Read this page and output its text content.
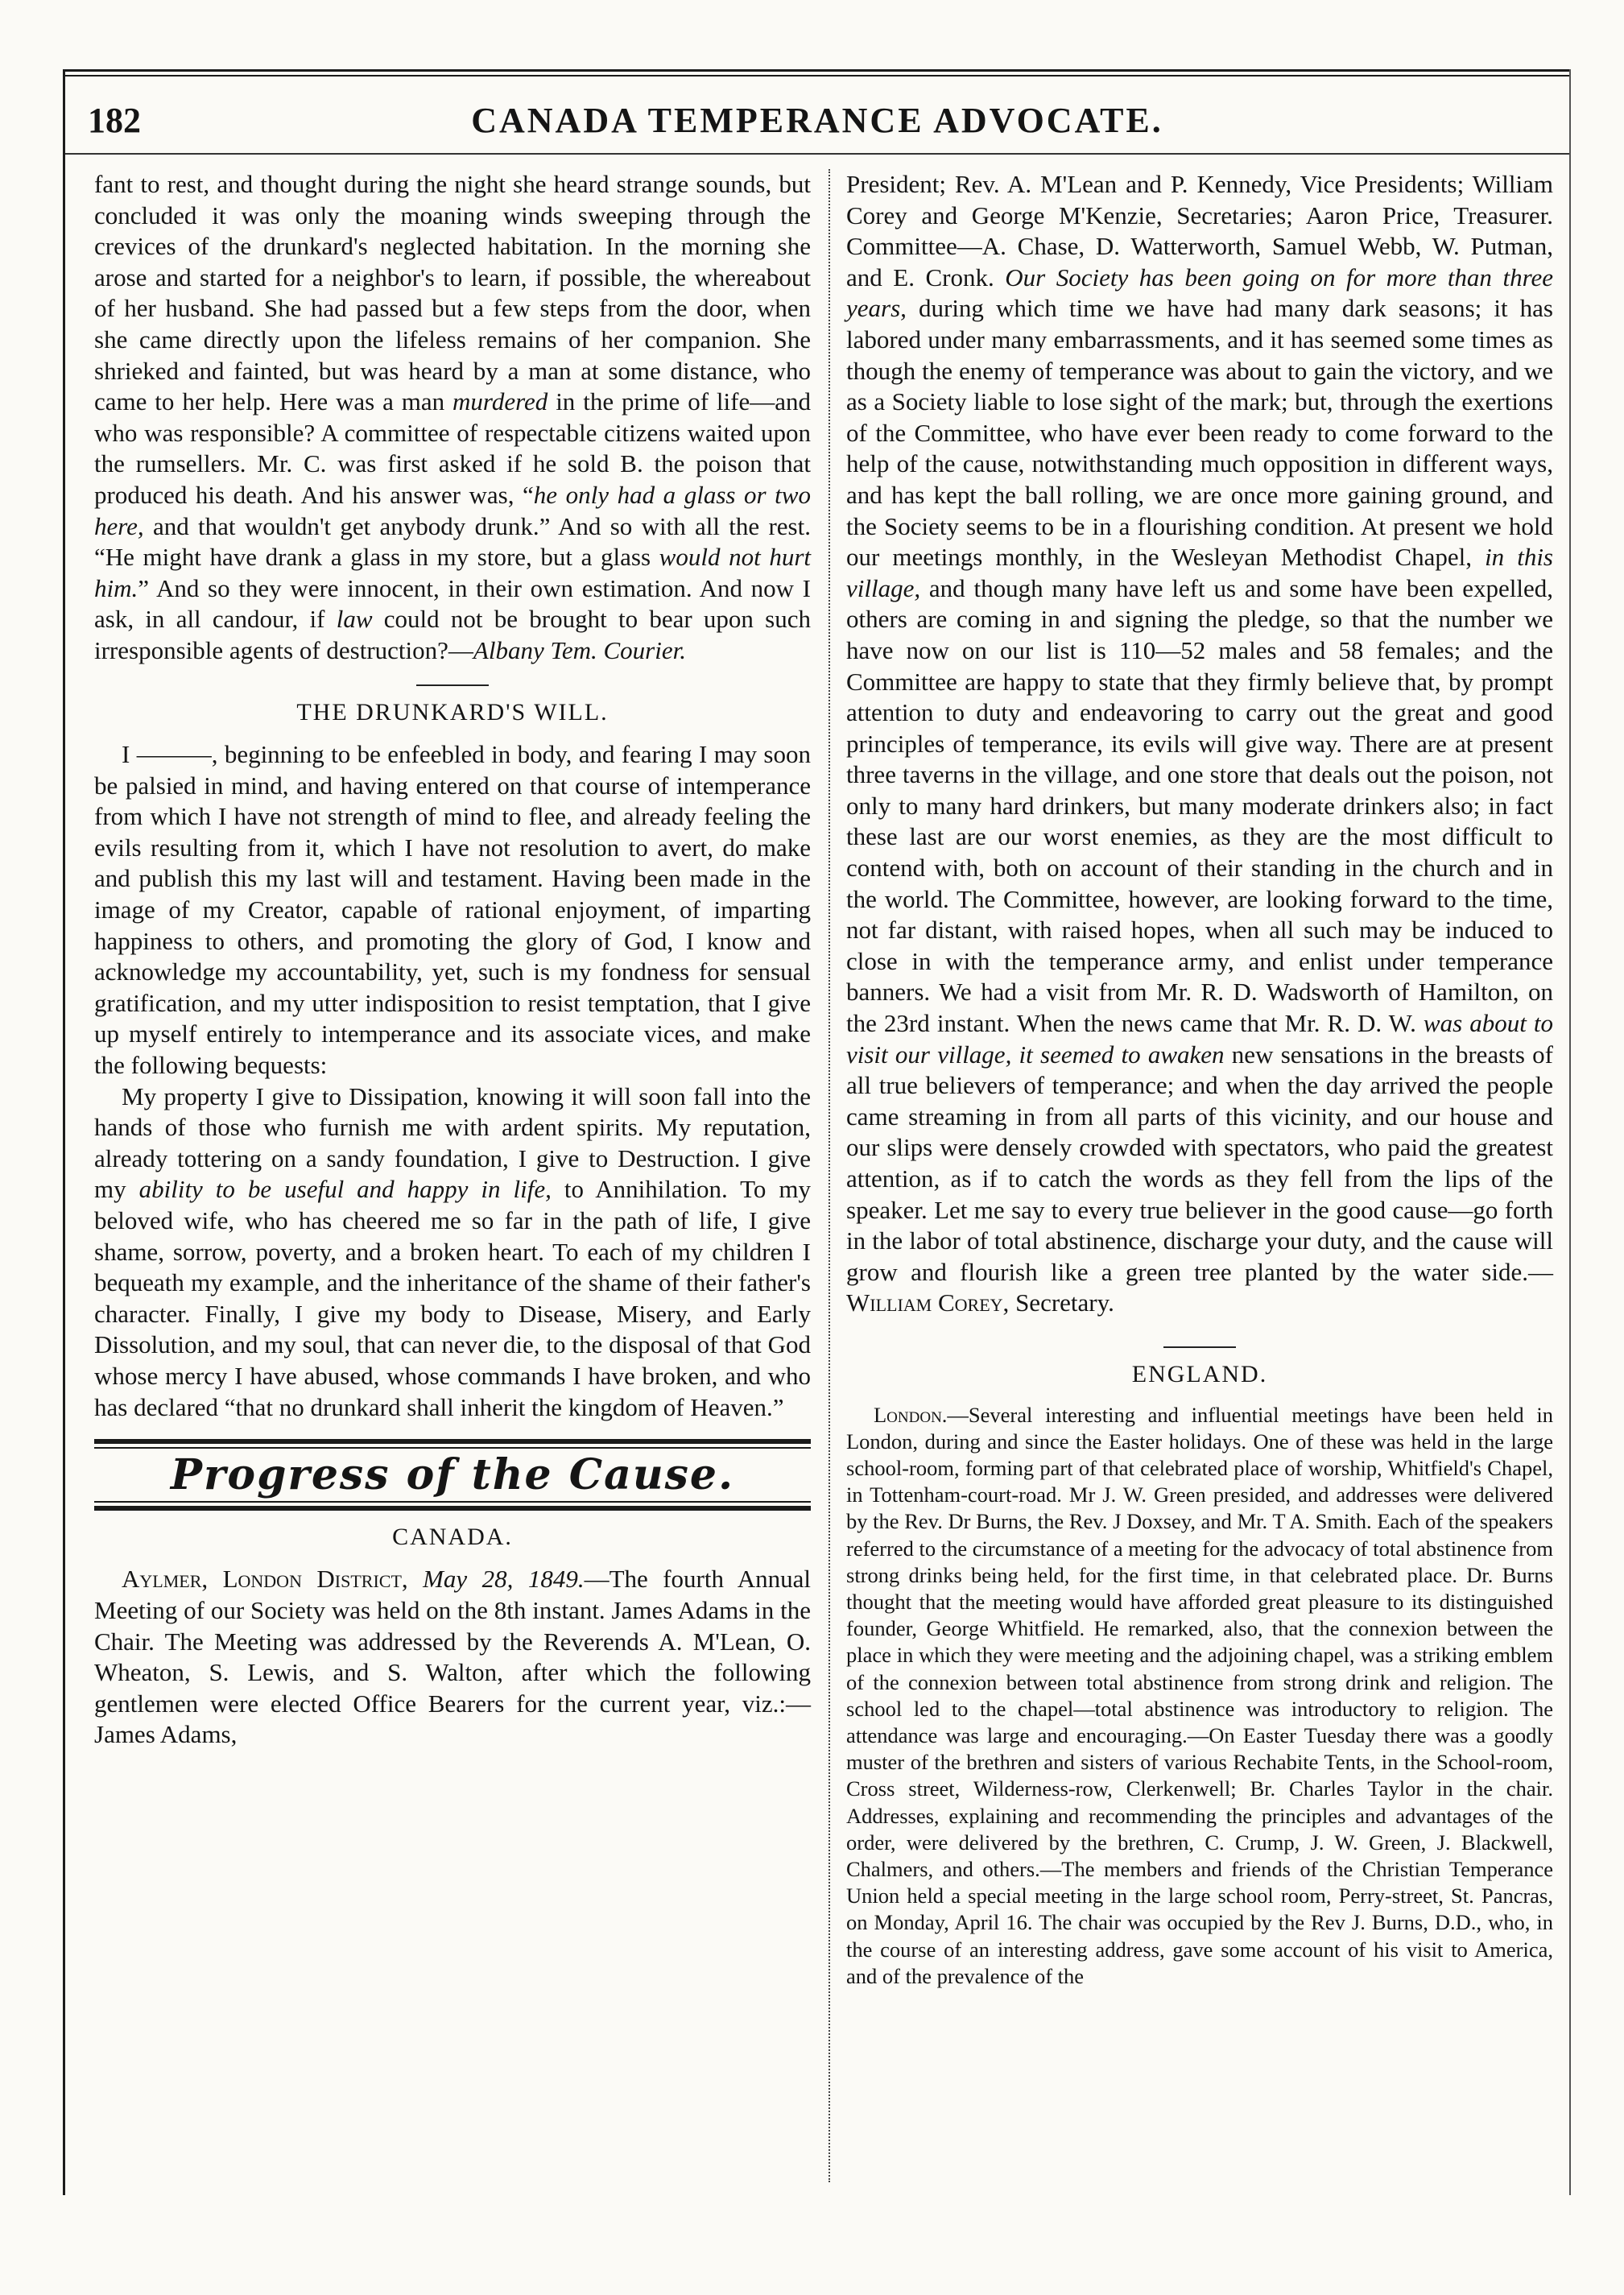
182	CANADA TEMPERANCE ADVOCATE.

fant to rest, and thought during the night she heard strange sounds, but concluded it was only the moaning winds sweeping through the crevices of the drunkard's neglected habitation. In the morning she arose and started for a neighbor's to learn, if possible, the whereabout of her husband. She had passed but a few steps from the door, when she came directly upon the lifeless remains of her companion. She shrieked and fainted, but was heard by a man at some distance, who came to her help. Here was a man murdered in the prime of life—and who was responsible? A committee of respectable citizens waited upon the rumsellers. Mr. C. was first asked if he sold B. the poison that produced his death. And his answer was, “he only had a glass or two here, and that wouldn't get anybody drunk.” And so with all the rest. “He might have drank a glass in my store, but a glass would not hurt him.” And so they were innocent, in their own estimation. And now I ask, in all candour, if law could not be brought to bear upon such irresponsible agents of destruction?—Albany Tem. Courier.

THE DRUNKARD'S WILL.

I ———, beginning to be enfeebled in body, and fearing I may soon be palsied in mind, and having entered on that course of intemperance from which I have not strength of mind to flee, and already feeling the evils resulting from it, which I have not resolution to avert, do make and publish this my last will and testament. Having been made in the image of my Creator, capable of rational enjoyment, of imparting happiness to others, and promoting the glory of God, I know and acknowledge my accountability, yet, such is my fondness for sensual gratification, and my utter indisposition to resist temptation, that I give up myself entirely to intemperance and its associate vices, and make the following bequests:

My property I give to Dissipation, knowing it will soon fall into the hands of those who furnish me with ardent spirits. My reputation, already tottering on a sandy foundation, I give to Destruction. I give my ability to be useful and happy in life, to Annihilation. To my beloved wife, who has cheered me so far in the path of life, I give shame, sorrow, poverty, and a broken heart. To each of my children I bequeath my example, and the inheritance of the shame of their father's character. Finally, I give my body to Disease, Misery, and Early Dissolution, and my soul, that can never die, to the disposal of that God whose mercy I have abused, whose commands I have broken, and who has declared “that no drunkard shall inherit the kingdom of Heaven.”

Progress of the Cause.
CANADA.

Aylmer, London District, May 28, 1849.—The fourth Annual Meeting of our Society was held on the 8th instant. James Adams in the Chair. The Meeting was addressed by the Reverends A. M'Lean, O. Wheaton, S. Lewis, and S. Walton, after which the following gentlemen were elected Office Bearers for the current year, viz.:—James Adams,

President; Rev. A. M'Lean and P. Kennedy, Vice Presidents; William Corey and George M'Kenzie, Secretaries; Aaron Price, Treasurer. Committee—A. Chase, D. Watterworth, Samuel Webb, W. Putman, and E. Cronk. Our Society has been going on for more than three years, during which time we have had many dark seasons; it has labored under many embarrassments, and it has seemed some times as though the enemy of temperance was about to gain the victory, and we as a Society liable to lose sight of the mark; but, through the exertions of the Committee, who have ever been ready to come forward to the help of the cause, notwithstanding much opposition in different ways, and has kept the ball rolling, we are once more gaining ground, and the Society seems to be in a flourishing condition. At present we hold our meetings monthly, in the Wesleyan Methodist Chapel, in this village, and though many have left us and some have been expelled, others are coming in and signing the pledge, so that the number we have now on our list is 110—52 males and 58 females; and the Committee are happy to state that they firmly believe that, by prompt attention to duty and endeavoring to carry out the great and good principles of temperance, its evils will give way. There are at present three taverns in the village, and one store that deals out the poison, not only to many hard drinkers, but many moderate drinkers also; in fact these last are our worst enemies, as they are the most difficult to contend with, both on account of their standing in the church and in the world. The Committee, however, are looking forward to the time, not far distant, with raised hopes, when all such may be induced to close in with the temperance army, and enlist under temperance banners. We had a visit from Mr. R. D. Wadsworth of Hamilton, on the 23rd instant. When the news came that Mr. R. D. W. was about to visit our village, it seemed to awaken new sensations in the breasts of all true believers of temperance; and when the day arrived the people came streaming in from all parts of this vicinity, and our house and our slips were densely crowded with spectators, who paid the greatest attention, as if to catch the words as they fell from the lips of the speaker. Let me say to every true believer in the good cause—go forth in the labor of total abstinence, discharge your duty, and the cause will grow and flourish like a green tree planted by the water side.—William Corey, Secretary.

ENGLAND.

London.—Several interesting and influential meetings have been held in London, during and since the Easter holidays. One of these was held in the large school-room, forming part of that celebrated place of worship, Whitfield's Chapel, in Tottenham-court-road. Mr J. W. Green presided, and addresses were delivered by the Rev. Dr Burns, the Rev. J Doxsey, and Mr. T A. Smith. Each of the speakers referred to the circumstance of a meeting for the advocacy of total abstinence from strong drinks being held, for the first time, in that celebrated place. Dr. Burns thought that the meeting would have afforded great pleasure to its distinguished founder, George Whitfield. He remarked, also, that the connexion between the place in which they were meeting and the adjoining chapel, was a striking emblem of the connexion between total abstinence from strong drink and religion. The school led to the chapel—total abstinence was introductory to religion. The attendance was large and encouraging.—On Easter Tuesday there was a goodly muster of the brethren and sisters of various Rechabite Tents, in the School-room, Cross street, Wilderness-row, Clerkenwell; Br. Charles Taylor in the chair. Addresses, explaining and recommending the principles and advantages of the order, were delivered by the brethren, C. Crump, J. W. Green, J. Blackwell, Chalmers, and others.—The members and friends of the Christian Temperance Union held a special meeting in the large school room, Perry-street, St. Pancras, on Monday, April 16. The chair was occupied by the Rev J. Burns, D.D., who, in the course of an interesting address, gave some account of his visit to America, and of the prevalence of the
